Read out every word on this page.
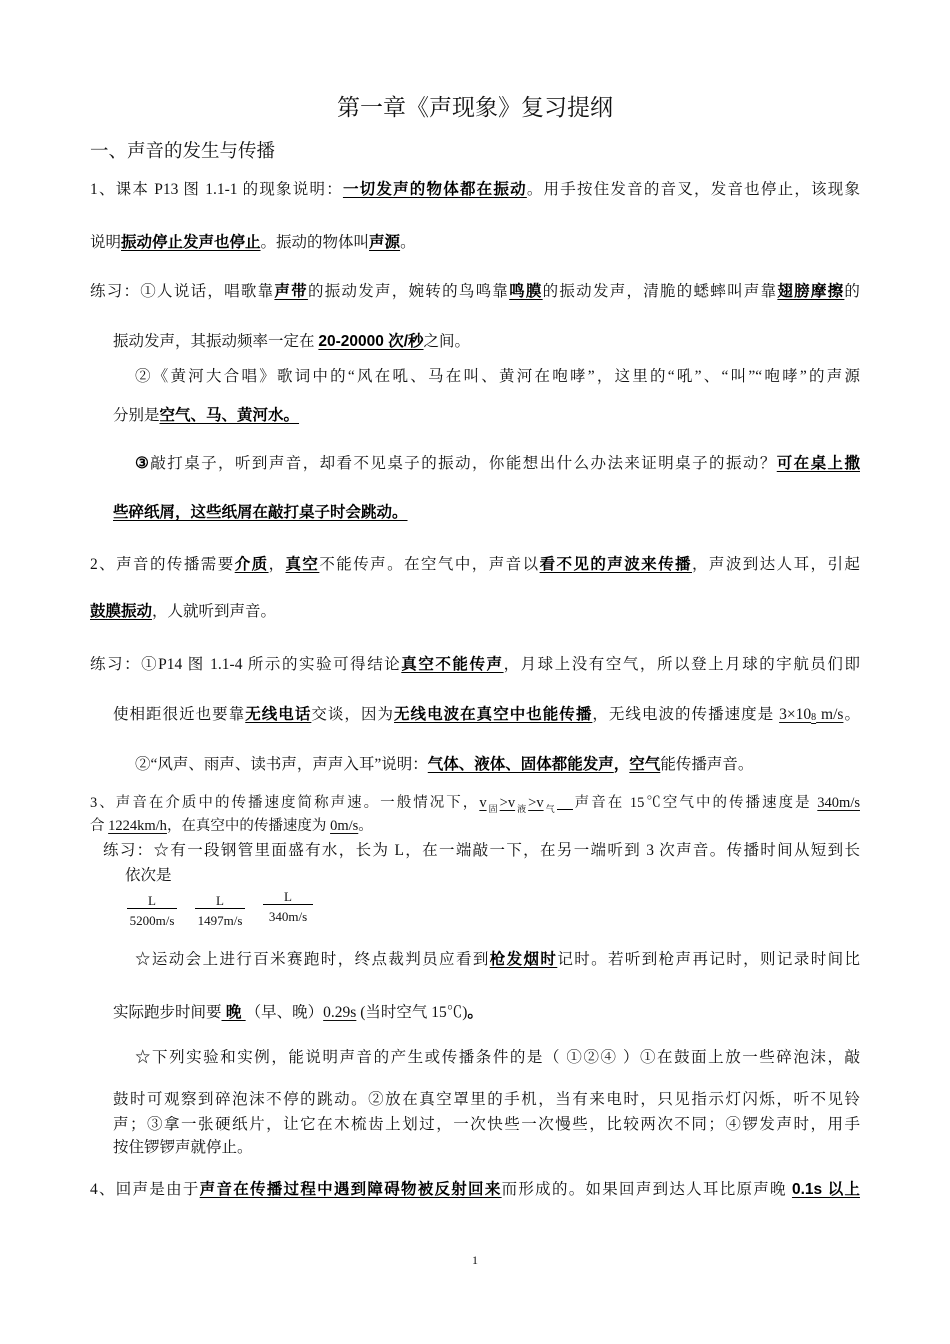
第一章《声现象》复习提纲
一、声音的发生与传播
1、课本 P13 图 1.1-1 的现象说明：一切发声的物体都在振动。用手按住发音的音叉，发音也停止，该现象
说明振动停止发声也停止。振动的物体叫声源。
练习：①人说话，唱歌靠声带的振动发声，婉转的鸟鸣靠鸣膜的振动发声，清脆的蟋蟀叫声靠翅膀摩擦的
振动发声，其振动频率一定在 20-20000 次/秒之间。
②《黄河大合唱》歌词中的“风在吼、马在叫、黄河在咆哮”，这里的“吼”、“叫”“咆哮”的声源
分别是空气、马、黄河水。
③敲打桌子，听到声音，却看不见桌子的振动，你能想出什么办法来证明桌子的振动？可在桌上撒
些碎纸屑，这些纸屑在敲打桌子时会跳动。
2、声音的传播需要介质，真空不能传声。在空气中，声音以看不见的声波来传播，声波到达人耳，引起
鼓膜振动，人就听到声音。
练习：①P14 图 1.1-4 所示的实验可得结论真空不能传声，月球上没有空气，所以登上月球的宇航员们即
使相距很近也要靠无线电话交谈，因为无线电波在真空中也能传播，无线电波的传播速度是 3×108 m/s。
②“风声、雨声、读书声，声声入耳”说明：气体、液体、固体都能发声，空气能传播声音。
3、声音在介质中的传播速度简称声速。一般情况下，$v_固>v_液>v_气$ 声音在 15℃空气中的传播速度是 340m/s
合 1224km/h，在真空中的传播速度为 0m/s。
练习：☆有一段钢管里面盛有水，长为 L，在一端敲一下，在另一端听到 3 次声音。传播时间从短到长
依次是
$\frac{L}{5200m/s} \frac{L}{1497m/s} \frac{L}{340m/s}$
☆运动会上进行百米赛跑时，终点裁判员应看到枪发烟时记时。若听到枪声再记时，则记录时间比
实际跑步时间要 晚 （早、晚）0.29s (当时空气 15℃)。
☆下列实验和实例，能说明声音的产生或传播条件的是（ ①②④ ）①在鼓面上放一些碎泡沫，敲
鼓时可观察到碎泡沫不停的跳动。②放在真空罩里的手机，当有来电时，只见指示灯闪烁，听不见铃
声；③拿一张硬纸片，让它在木梳齿上划过，一次快些一次慢些，比较两次不同；④锣发声时，用手
按住锣锣声就停止。
4、回声是由于声音在传播过程中遇到障碍物被反射回来而形成的。如果回声到达人耳比原声晚 0.1s 以上
1
